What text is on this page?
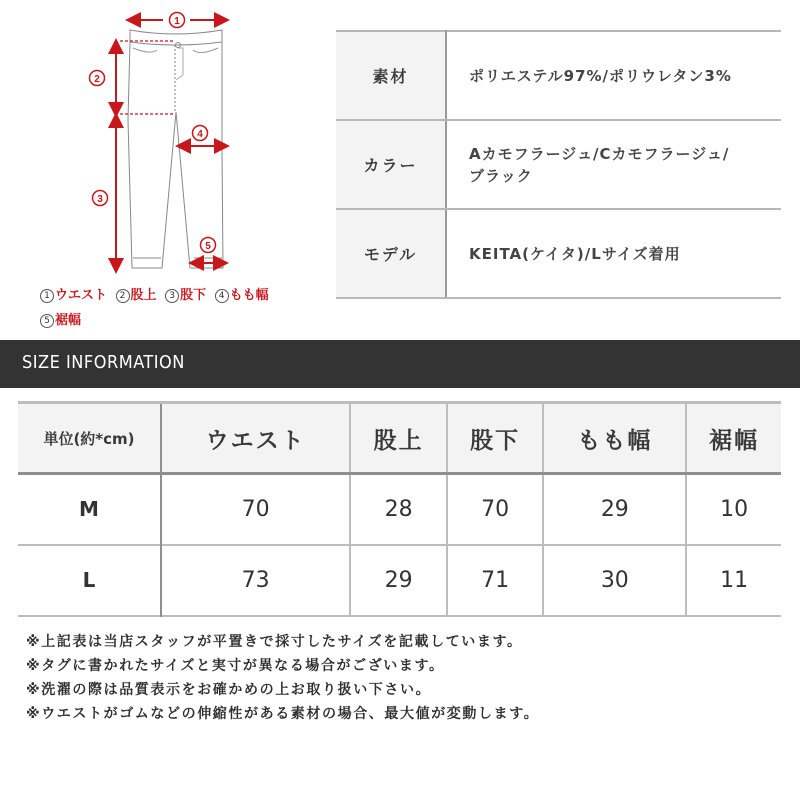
1
2
3
4
5
1 ウエスト 2 股上 3 股下 4 もも幅
5 裾幅
素材	ポリエステル97%/ポリウレタン3%
カラー	Aカモフラージュ/Cカモフラージュ/
ブラック

モデル	KEITA(ケイタ)/Lサイズ着用
SIZE INFORMATION
単位(約*cm)	ウエスト	股上	股下	もも幅	裾幅
M	70	28	70	29	10
L	73	29	71	30	11
※上記表は当店スタッフが平置きで採寸したサイズを記載しています。
※タグに書かれたサイズと実寸が異なる場合がございます。
※洗濯の際は品質表示をお確かめの上お取り扱い下さい。
※ウエストがゴムなどの伸縮性がある素材の場合、最大値が変動します。
